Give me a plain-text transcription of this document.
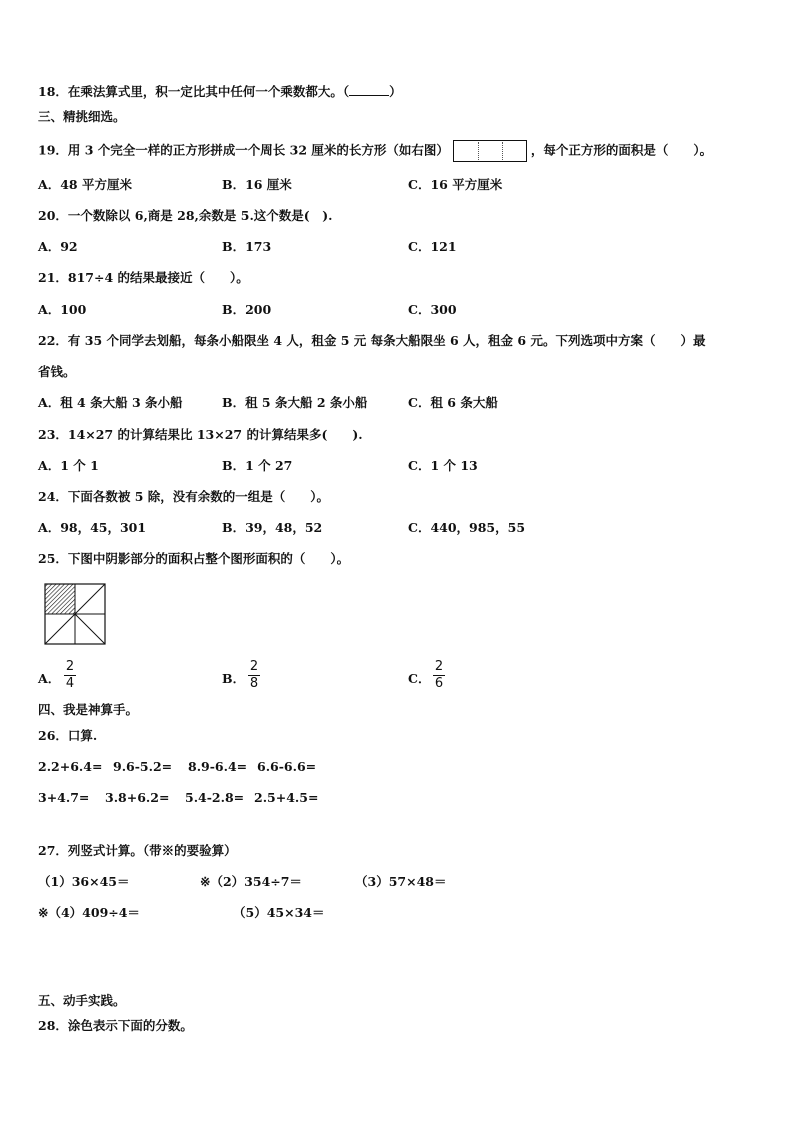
18．在乘法算式里，积一定比其中任何一个乘数都大。（	）
三、精挑细选。
19．用 3 个完全一样的正方形拼成一个周长 32 厘米的长方形（如右图）	，每个正方形的面积是（　　）。
A．48 平方厘米	B．16 厘米	C．16 平方厘米
20．一个数除以 6,商是 28,余数是 5.这个数是(　).
A．92	B．173	C．121
21．817÷4 的结果最接近（　　）。
A．100	B．200	C．300
22．有 35 个同学去划船，每条小船限坐 4 人，租金 5 元 每条大船限坐 6 人，租金 6 元。下列选项中方案（　　）最
省钱。
A．租 4 条大船 3 条小船	B．租 5 条大船 2 条小船	C．租 6 条大船
23．14×27 的计算结果比 13×27 的计算结果多(　　).
A．1 个 1	B．1 个 27	C．1 个 13
24．下面各数被 5 除，没有余数的一组是（　　）。
A．98，45，301	B．39，48，52	C．440，985，55
25．下图中阴影部分的面积占整个图形面积的（　　）。
A．
2
4	B．
2
8	C．
2
6
四、我是神算手。
26．口算.
2.2+6.4= 9.6-5.2= 8.9-6.4= 6.6-6.6=
3+4.7= 3.8+6.2= 5.4-2.8= 2.5+4.5=
27．列竖式计算。（带※的要验算）
（1）36×45＝	※（2）354÷7＝	（3）57×48＝
※（4）409÷4＝	（5）45×34＝
五、动手实践。
28．涂色表示下面的分数。
